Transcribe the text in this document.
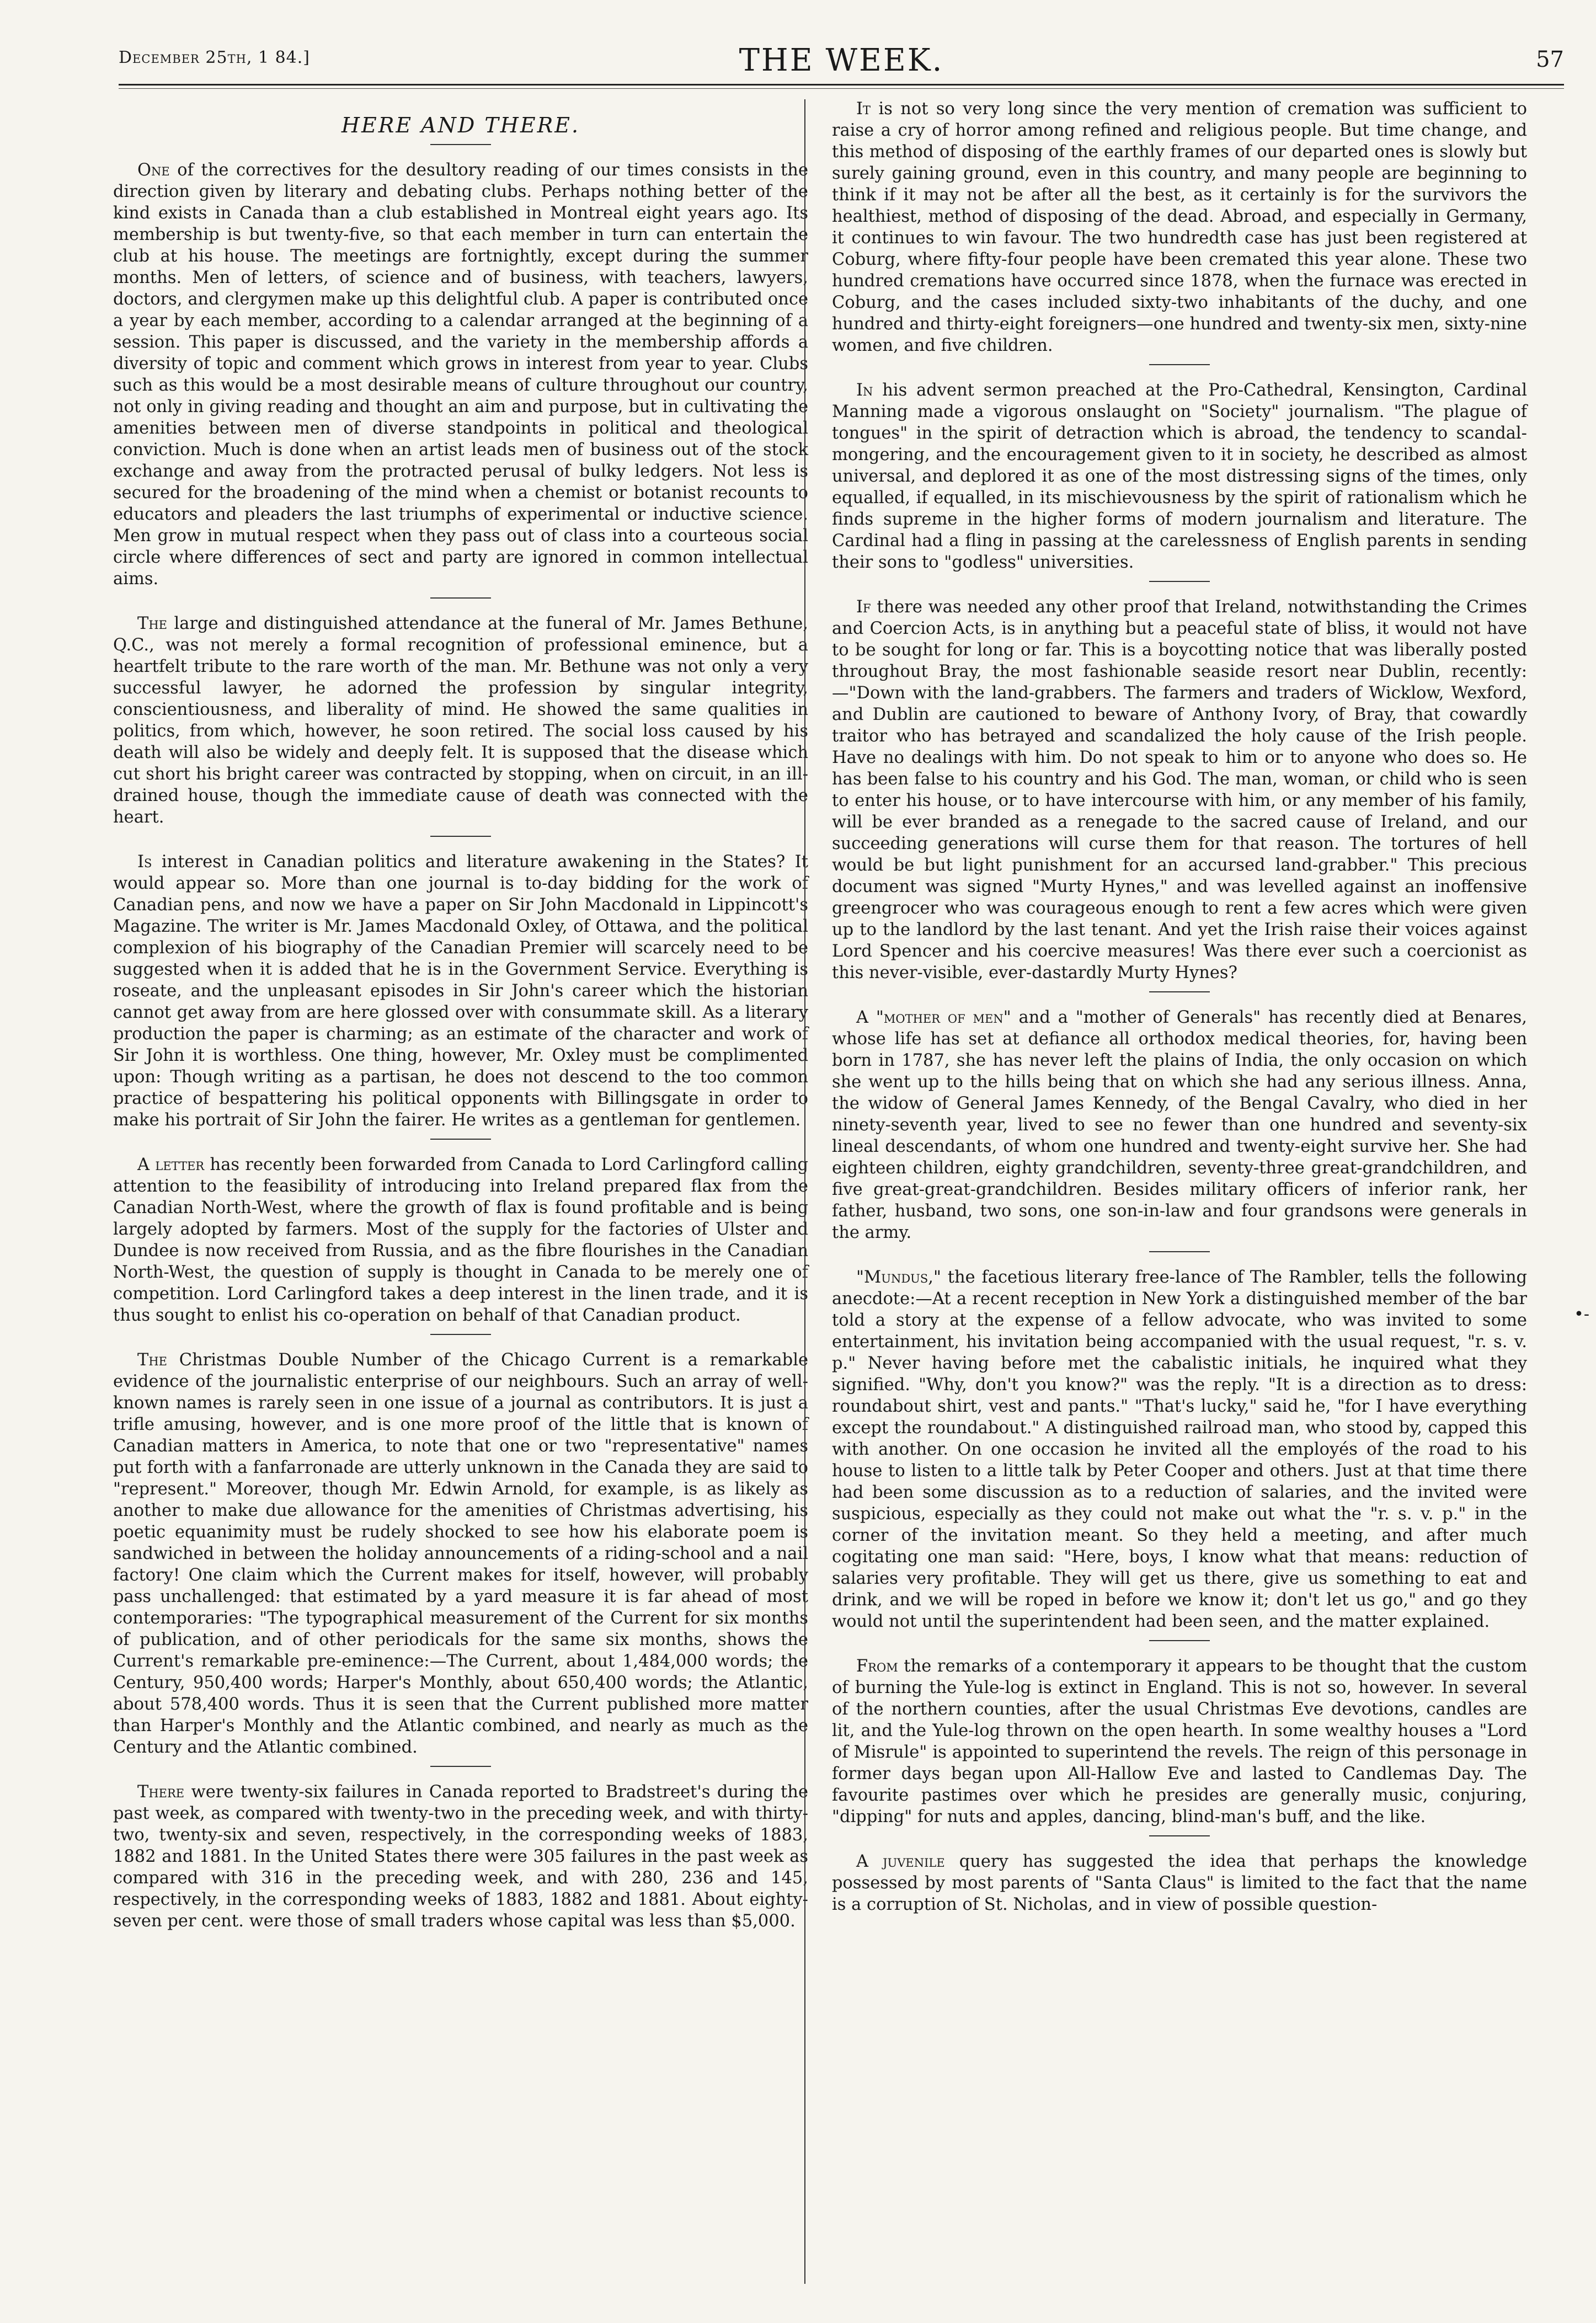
December 25th, 1 84.]	THE WEEK.	57
HERE AND THERE.

One of the correctives for the desultory reading of our times consists in the direction given by literary and debating clubs. Perhaps nothing better of the kind exists in Canada than a club established in Montreal eight years ago. Its membership is but twenty-five, so that each member in turn can entertain the club at his house. The meetings are fortnightly, except during the summer months. Men of letters, of science and of business, with teachers, lawyers, doctors, and clergymen make up this delightful club. A paper is contributed once a year by each member, according to a calendar arranged at the beginning of a session. This paper is discussed, and the variety in the membership affords a diversity of topic and comment which grows in interest from year to year. Clubs such as this would be a most desirable means of culture throughout our country, not only in giving reading and thought an aim and purpose, but in cultivating the amenities between men of diverse standpoints in political and theological conviction. Much is done when an artist leads men of business out of the stock exchange and away from the protracted perusal of bulky ledgers. Not less is secured for the broadening of the mind when a chemist or botanist recounts to educators and pleaders the last triumphs of experimental or inductive science. Men grow in mutual respect when they pass out of class into a courteous social circle where differences of sect and party are ignored in common intellectual aims.

The large and distinguished attendance at the funeral of Mr. James Bethune, Q.C., was not merely a formal recognition of professional eminence, but a heartfelt tribute to the rare worth of the man. Mr. Bethune was not only a very successful lawyer, he adorned the profession by singular integrity, conscientiousness, and liberality of mind. He showed the same qualities in politics, from which, however, he soon retired. The social loss caused by his death will also be widely and deeply felt. It is supposed that the disease which cut short his bright career was contracted by stopping, when on circuit, in an ill-drained house, though the immediate cause of death was connected with the heart.

Is interest in Canadian politics and literature awakening in the States? It would appear so. More than one journal is to-day bidding for the work of Canadian pens, and now we have a paper on Sir John Macdonald in Lippincott's Magazine. The writer is Mr. James Macdonald Oxley, of Ottawa, and the political complexion of his biography of the Canadian Premier will scarcely need to be suggested when it is added that he is in the Government Service. Everything is roseate, and the unpleasant episodes in Sir John's career which the historian cannot get away from are here glossed over with consummate skill. As a literary production the paper is charming; as an estimate of the character and work of Sir John it is worthless. One thing, however, Mr. Oxley must be complimented upon: Though writing as a partisan, he does not descend to the too common practice of bespattering his political opponents with Billingsgate in order to make his portrait of Sir John the fairer. He writes as a gentleman for gentlemen.

A letter has recently been forwarded from Canada to Lord Carlingford calling attention to the feasibility of introducing into Ireland prepared flax from the Canadian North-West, where the growth of flax is found profitable and is being largely adopted by farmers. Most of the supply for the factories of Ulster and Dundee is now received from Russia, and as the fibre flourishes in the Canadian North-West, the question of supply is thought in Canada to be merely one of competition. Lord Carlingford takes a deep interest in the linen trade, and it is thus sought to enlist his co-operation on behalf of that Canadian product.

The Christmas Double Number of the Chicago Current is a remarkable evidence of the journalistic enterprise of our neighbours. Such an array of well-known names is rarely seen in one issue of a journal as contributors. It is just a trifle amusing, however, and is one more proof of the little that is known of Canadian matters in America, to note that one or two "representative" names put forth with a fanfarronade are utterly unknown in the Canada they are said to "represent." Moreover, though Mr. Edwin Arnold, for example, is as likely as another to make due allowance for the amenities of Christmas advertising, his poetic equanimity must be rudely shocked to see how his elaborate poem is sandwiched in between the holiday announcements of a riding-school and a nail factory! One claim which the Current makes for itself, however, will probably pass unchallenged: that estimated by a yard measure it is far ahead of most contemporaries: "The typographical measurement of the Current for six months of publication, and of other periodicals for the same six months, shows the Current's remarkable pre-eminence:—The Current, about 1,484,000 words; the Century, 950,400 words; Harper's Monthly, about 650,400 words; the Atlantic, about 578,400 words. Thus it is seen that the Current published more matter than Harper's Monthly and the Atlantic combined, and nearly as much as the Century and the Atlantic combined.

There were twenty-six failures in Canada reported to Bradstreet's during the past week, as compared with twenty-two in the preceding week, and with thirty-two, twenty-six and seven, respectively, in the corresponding weeks of 1883, 1882 and 1881. In the United States there were 305 failures in the past week as compared with 316 in the preceding week, and with 280, 236 and 145, respectively, in the corresponding weeks of 1883, 1882 and 1881. About eighty-seven per cent. were those of small traders whose capital was less than $5,000.

It is not so very long since the very mention of cremation was sufficient to raise a cry of horror among refined and religious people. But time change, and this method of disposing of the earthly frames of our departed ones is slowly but surely gaining ground, even in this country, and many people are beginning to think if it may not be after all the best, as it certainly is for the survivors the healthiest, method of disposing of the dead. Abroad, and especially in Germany, it continues to win favour. The two hundredth case has just been registered at Coburg, where fifty-four people have been cremated this year alone. These two hundred cremations have occurred since 1878, when the furnace was erected in Coburg, and the cases included sixty-two inhabitants of the duchy, and one hundred and thirty-eight foreigners—one hundred and twenty-six men, sixty-nine women, and five children.

In his advent sermon preached at the Pro-Cathedral, Kensington, Cardinal Manning made a vigorous onslaught on "Society" journalism. "The plague of tongues" in the spirit of detraction which is abroad, the tendency to scandal-mongering, and the encouragement given to it in society, he described as almost universal, and deplored it as one of the most distressing signs of the times, only equalled, if equalled, in its mischievousness by the spirit of rationalism which he finds supreme in the higher forms of modern journalism and literature. The Cardinal had a fling in passing at the carelessness of English parents in sending their sons to "godless" universities.

If there was needed any other proof that Ireland, notwithstanding the Crimes and Coercion Acts, is in anything but a peaceful state of bliss, it would not have to be sought for long or far. This is a boycotting notice that was liberally posted throughout Bray, the most fashionable seaside resort near Dublin, recently:—"Down with the land-grabbers. The farmers and traders of Wicklow, Wexford, and Dublin are cautioned to beware of Anthony Ivory, of Bray, that cowardly traitor who has betrayed and scandalized the holy cause of the Irish people. Have no dealings with him. Do not speak to him or to anyone who does so. He has been false to his country and his God. The man, woman, or child who is seen to enter his house, or to have intercourse with him, or any member of his family, will be ever branded as a renegade to the sacred cause of Ireland, and our succeeding generations will curse them for that reason. The tortures of hell would be but light punishment for an accursed land-grabber." This precious document was signed "Murty Hynes," and was levelled against an inoffensive greengrocer who was courageous enough to rent a few acres which were given up to the landlord by the last tenant. And yet the Irish raise their voices against Lord Spencer and his coercive measures! Was there ever such a coercionist as this never-visible, ever-dastardly Murty Hynes?

A "mother of men" and a "mother of Generals" has recently died at Benares, whose life has set at defiance all orthodox medical theories, for, having been born in 1787, she has never left the plains of India, the only occasion on which she went up to the hills being that on which she had any serious illness. Anna, the widow of General James Kennedy, of the Bengal Cavalry, who died in her ninety-seventh year, lived to see no fewer than one hundred and seventy-six lineal descendants, of whom one hundred and twenty-eight survive her. She had eighteen children, eighty grandchildren, seventy-three great-grandchildren, and five great-great-grandchildren. Besides military officers of inferior rank, her father, husband, two sons, one son-in-law and four grandsons were generals in the army.

"Mundus," the facetious literary free-lance of The Rambler, tells the following anecdote:—At a recent reception in New York a distinguished member of the bar told a story at the expense of a fellow advocate, who was invited to some entertainment, his invitation being accompanied with the usual request, "r. s. v. p." Never having before met the cabalistic initials, he inquired what they signified. "Why, don't you know?" was the reply. "It is a direction as to dress: roundabout shirt, vest and pants." "That's lucky," said he, "for I have everything except the roundabout." A distinguished railroad man, who stood by, capped this with another. On one occasion he invited all the employés of the road to his house to listen to a little talk by Peter Cooper and others. Just at that time there had been some discussion as to a reduction of salaries, and the invited were suspicious, especially as they could not make out what the "r. s. v. p." in the corner of the invitation meant. So they held a meeting, and after much cogitating one man said: "Here, boys, I know what that means: reduction of salaries very profitable. They will get us there, give us something to eat and drink, and we will be roped in before we know it; don't let us go," and go they would not until the superintendent had been seen, and the matter explained.

From the remarks of a contemporary it appears to be thought that the custom of burning the Yule-log is extinct in England. This is not so, however. In several of the northern counties, after the usual Christmas Eve devotions, candles are lit, and the Yule-log thrown on the open hearth. In some wealthy houses a "Lord of Misrule" is appointed to superintend the revels. The reign of this personage in former days began upon All-Hallow Eve and lasted to Candlemas Day. The favourite pastimes over which he presides are generally music, conjuring, "dipping" for nuts and apples, dancing, blind-man's buff, and the like.

A juvenile query has suggested the idea that perhaps the knowledge possessed by most parents of "Santa Claus" is limited to the fact that the name is a corruption of St. Nicholas, and in view of possible question-

•-
